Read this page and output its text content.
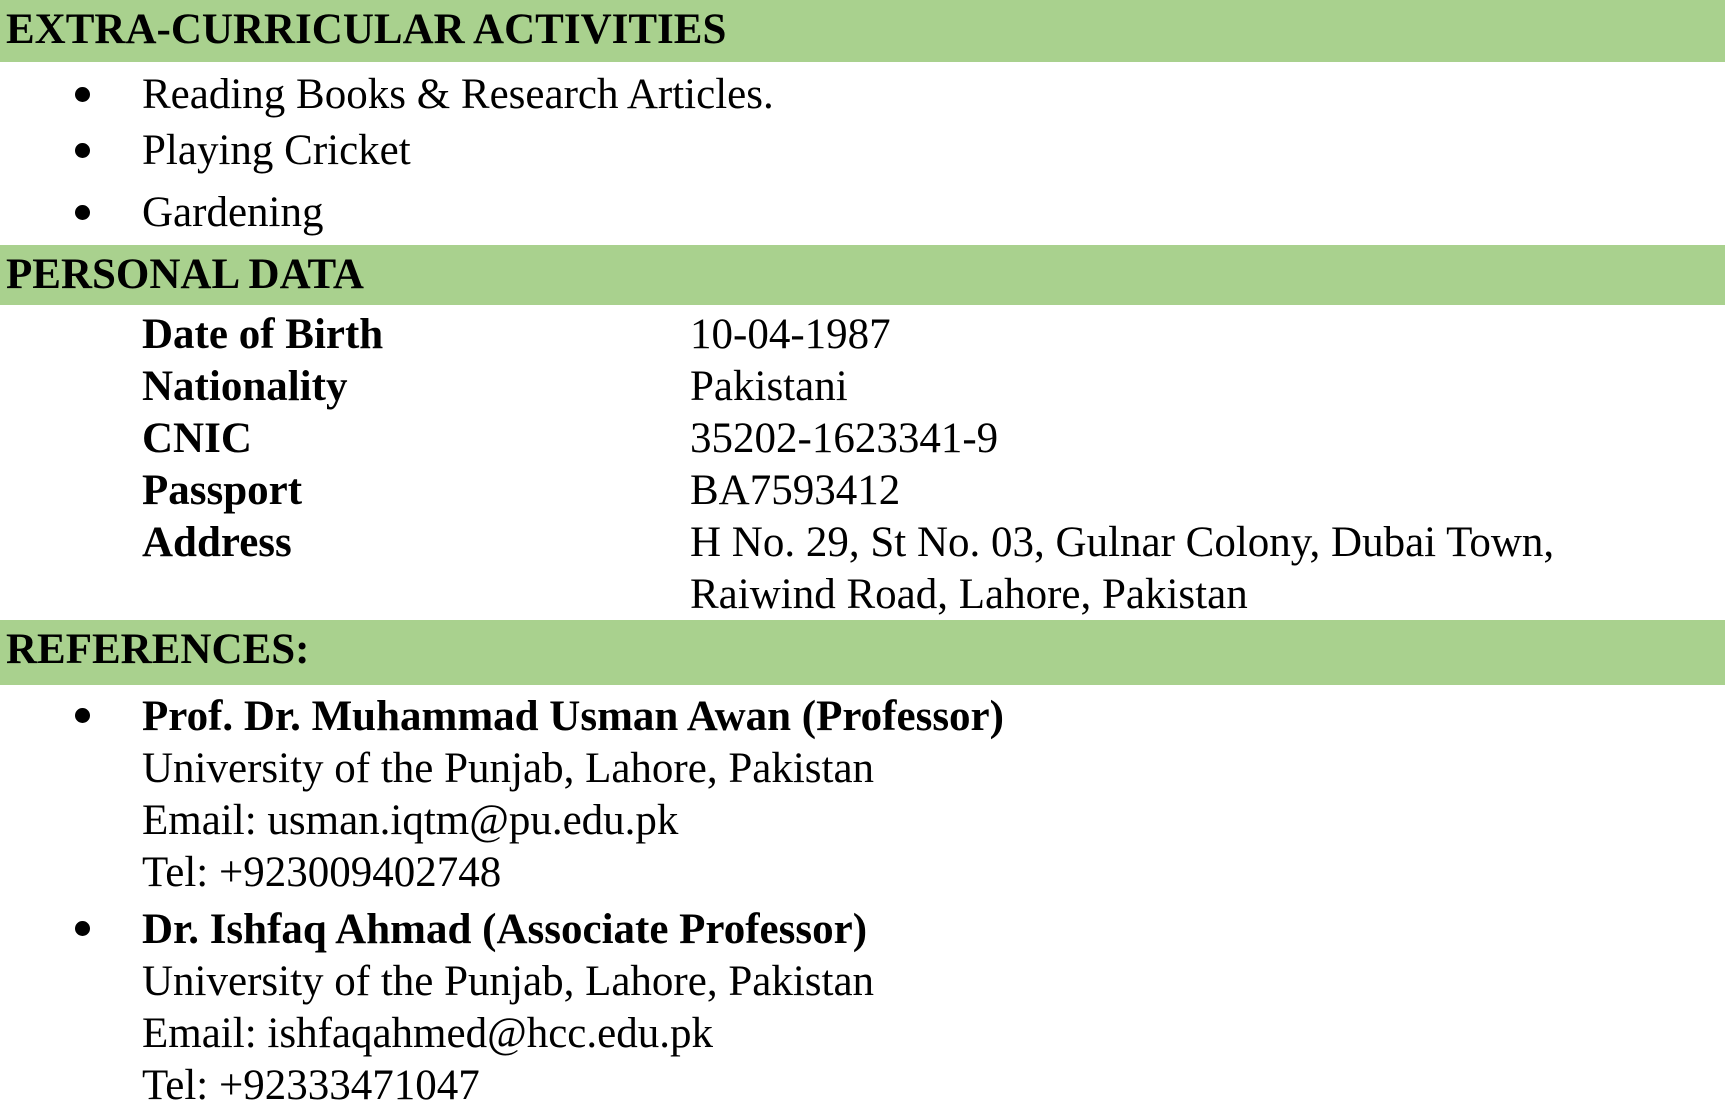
EXTRA-CURRICULAR ACTIVITIES
Reading Books & Research Articles.
Playing Cricket
Gardening
PERSONAL DATA
Date of Birth	10-04-1987
Nationality	Pakistani
CNIC	35202-1623341-9
Passport	BA7593412
Address	H No. 29, St No. 03, Gulnar Colony, Dubai Town,
Raiwind Road, Lahore, Pakistan
REFERENCES:
Prof. Dr. Muhammad Usman Awan (Professor)
University of the Punjab, Lahore, Pakistan
Email: usman.iqtm@pu.edu.pk
Tel: +923009402748
Dr. Ishfaq Ahmad (Associate Professor)
University of the Punjab, Lahore, Pakistan
Email: ishfaqahmed@hcc.edu.pk
Tel: +92333471047
